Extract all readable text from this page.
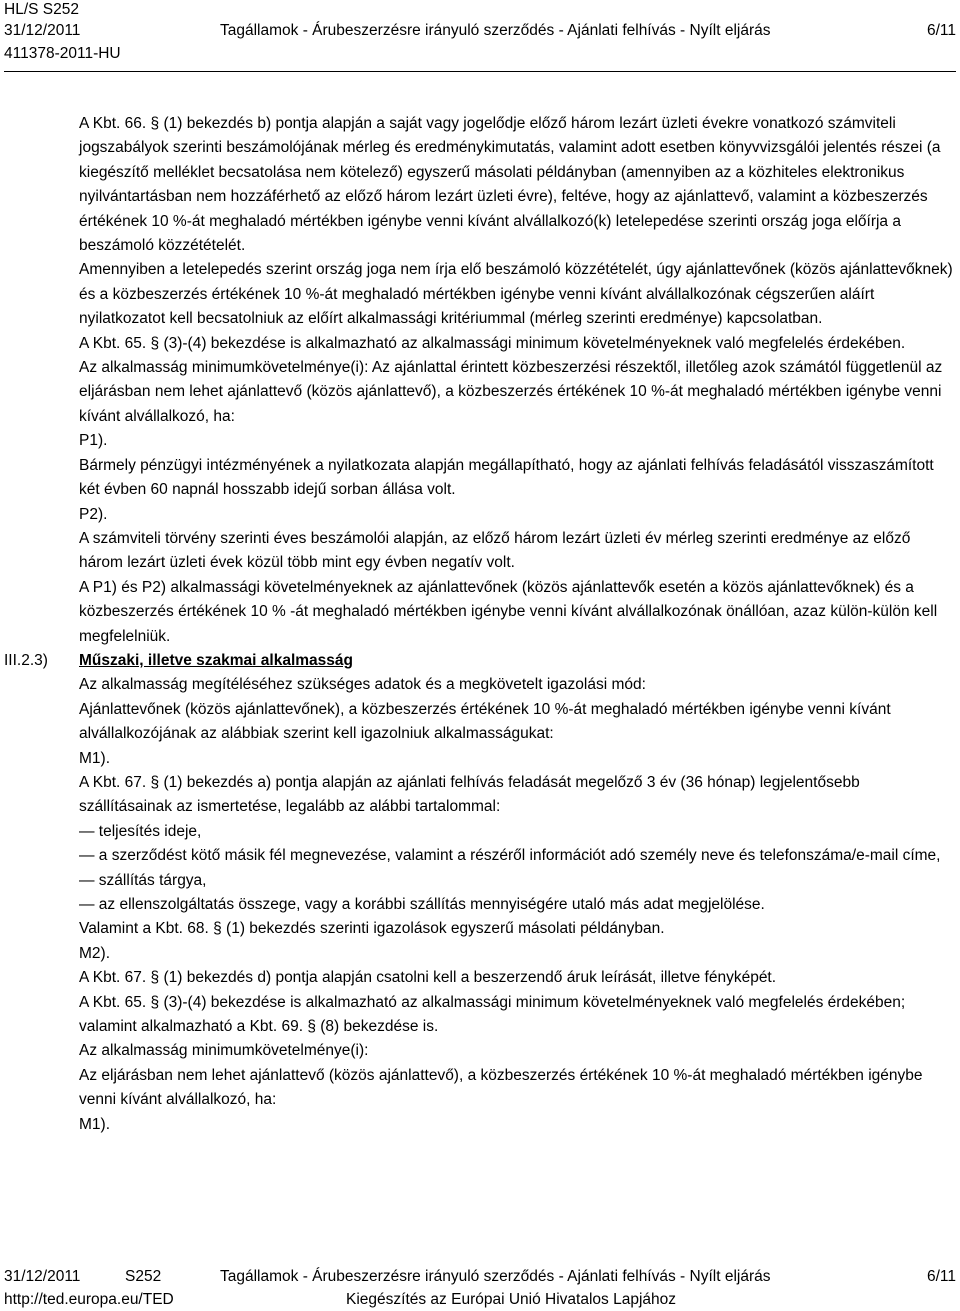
HL/S S252
31/12/2011
411378-2011-HU
Tagállamok - Árubeszerzésre irányuló szerződés - Ajánlati felhívás - Nyílt eljárás	6/11

A Kbt. 66. § (1) bekezdés b) pontja alapján a saját vagy jogelődje előző három lezárt üzleti évekre vonatkozó számviteli jogszabályok szerinti beszámolójának mérleg és eredménykimutatás, valamint adott esetben könyvvizsgálói jelentés részei (a kiegészítő melléklet becsatolása nem kötelező) egyszerű másolati példányban (amennyiben az a közhiteles elektronikus nyilvántartásban nem hozzáférhető az előző három lezárt üzleti évre), feltéve, hogy az ajánlattevő, valamint a közbeszerzés értékének 10 %-át meghaladó mértékben igénybe venni kívánt alvállalkozó(k) letelepedése szerinti ország joga előírja a beszámoló közzétételét.

Amennyiben a letelepedés szerint ország joga nem írja elő beszámoló közzétételét, úgy ajánlattevőnek (közös ajánlattevőknek) és a közbeszerzés értékének 10 %-át meghaladó mértékben igénybe venni kívánt alvállalkozónak cégszerűen aláírt nyilatkozatot kell becsatolniuk az előírt alkalmassági kritériummal (mérleg szerinti eredménye) kapcsolatban.

A Kbt. 65. § (3)-(4) bekezdése is alkalmazható az alkalmassági minimum követelményeknek való megfelelés érdekében.

Az alkalmasság minimumkövetelménye(i): Az ajánlattal érintett közbeszerzési részektől, illetőleg azok számától függetlenül az eljárásban nem lehet ajánlattevő (közös ajánlattevő), a közbeszerzés értékének 10 %-át meghaladó mértékben igénybe venni kívánt alvállalkozó, ha:

P1).

Bármely pénzügyi intézményének a nyilatkozata alapján megállapítható, hogy az ajánlati felhívás feladásától visszaszámított két évben 60 napnál hosszabb idejű sorban állása volt.

P2).

A számviteli törvény szerinti éves beszámolói alapján, az előző három lezárt üzleti év mérleg szerinti eredménye az előző három lezárt üzleti évek közül több mint egy évben negatív volt.

A P1) és P2) alkalmassági követelményeknek az ajánlattevőnek (közös ajánlattevők esetén a közös ajánlattevőknek) és a közbeszerzés értékének 10 % -át meghaladó mértékben igénybe venni kívánt alvállalkozónak önállóan, azaz külön-külön kell megfelelniük.

III.2.3) Műszaki, illetve szakmai alkalmasság

Az alkalmasság megítéléséhez szükséges adatok és a megkövetelt igazolási mód:

Ajánlattevőnek (közös ajánlattevőnek), a közbeszerzés értékének 10 %-át meghaladó mértékben igénybe venni kívánt alvállalkozójának az alábbiak szerint kell igazolniuk alkalmasságukat:

M1).

A Kbt. 67. § (1) bekezdés a) pontja alapján az ajánlati felhívás feladását megelőző 3 év (36 hónap) legjelentősebb szállításainak az ismertetése, legalább az alábbi tartalommal:

— teljesítés ideje,

— a szerződést kötő másik fél megnevezése, valamint a részéről információt adó személy neve és telefonszáma/e-mail címe,

— szállítás tárgya,

— az ellenszolgáltatás összege, vagy a korábbi szállítás mennyiségére utaló más adat megjelölése.

Valamint a Kbt. 68. § (1) bekezdés szerinti igazolások egyszerű másolati példányban.

M2).

A Kbt. 67. § (1) bekezdés d) pontja alapján csatolni kell a beszerzendő áruk leírását, illetve fényképét.

A Kbt. 65. § (3)-(4) bekezdése is alkalmazható az alkalmassági minimum követelményeknek való megfelelés érdekében; valamint alkalmazható a Kbt. 69. § (8) bekezdése is.

Az alkalmasság minimumkövetelménye(i):

Az eljárásban nem lehet ajánlattevő (közös ajánlattevő), a közbeszerzés értékének 10 %-át meghaladó mértékben igénybe venni kívánt alvállalkozó, ha:

M1).

31/12/2011	S252	Tagállamok - Árubeszerzésre irányuló szerződés - Ajánlati felhívás - Nyílt eljárás	6/11
http://ted.europa.eu/TED	Kiegészítés az Európai Unió Hivatalos Lapjához
